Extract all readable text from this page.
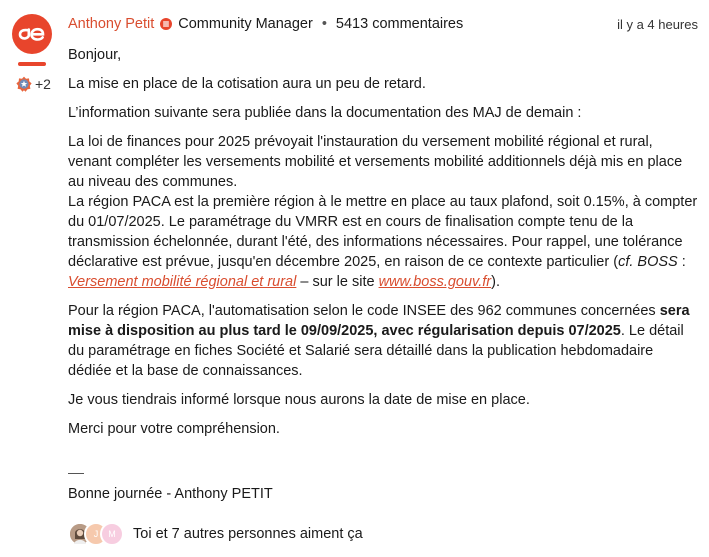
+2
Anthony Petit Community Manager • 5413 commentaires	il y a 4 heures

Bonjour,

La mise en place de la cotisation aura un peu de retard.

L’information suivante sera publiée dans la documentation des MAJ de demain :

La loi de finances pour 2025 prévoyait l'instauration du versement mobilité régional et rural, venant compléter les versements mobilité et versements mobilité additionnels déjà mis en place au niveau des communes.

La région PACA est la première région à le mettre en place au taux plafond, soit 0.15%, à compter du 01/07/2025. Le paramétrage du VMRR est en cours de finalisation compte tenu de la transmission échelonnée, durant l'été, des informations nécessaires. Pour rappel, une tolérance déclarative est prévue, jusqu'en décembre 2025, en raison de ce contexte particulier (cf. BOSS : Versement mobilité régional et rural – sur le site www.boss.gouv.fr).

Pour la région PACA, l'automatisation selon le code INSEE des 962 communes concernées sera mise à disposition au plus tard le 09/09/2025, avec régularisation depuis 07/2025. Le détail du paramétrage en fiches Société et Salarié sera détaillé dans la publication hebdomadaire dédiée et la base de connaissances.

Je vous tiendrais informé lorsque nous aurons la date de mise en place.

Merci pour votre compréhension.

Bonne journée - Anthony PETIT
J	M	Toi et 7 autres personnes aiment ça
